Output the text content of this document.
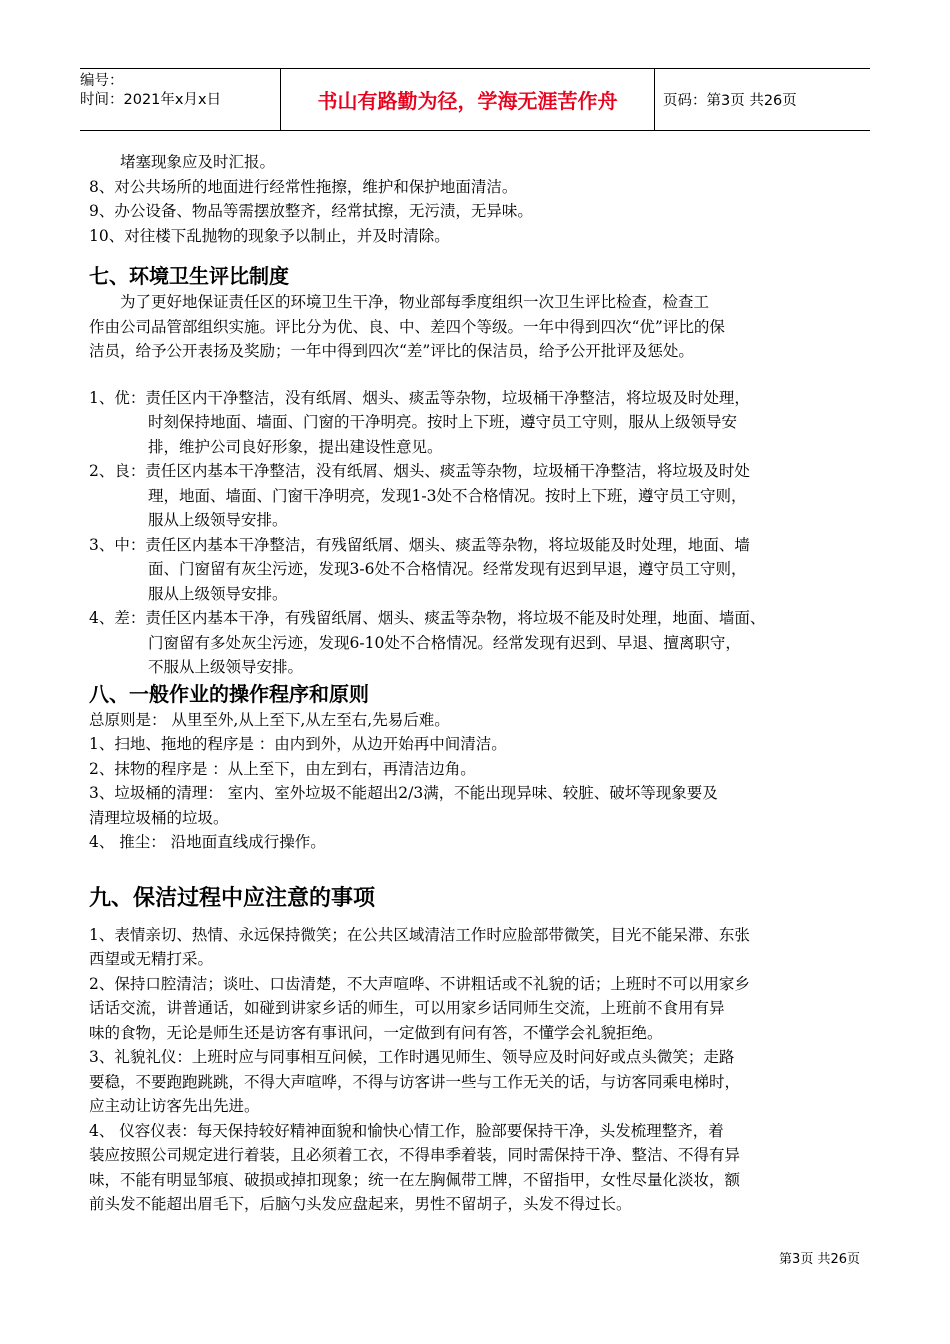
编号：
时间：2021年x月x日	书山有路勤为径，学海无涯苦作舟	页码：第3页 共26页

堵塞现象应及时汇报。

8、对公共场所的地面进行经常性拖擦，维护和保护地面清洁。

9、办公设备、物品等需摆放整齐，经常拭擦，无污渍，无异味。

10、对往楼下乱抛物的现象予以制止，并及时清除。

七、环境卫生评比制度

为了更好地保证责任区的环境卫生干净，物业部每季度组织一次卫生评比检查，检查工

作由公司品管部组织实施。评比分为优、良、中、差四个等级。一年中得到四次“优”评比的保

洁员，给予公开表扬及奖励；一年中得到四次“差”评比的保洁员，给予公开批评及惩处。

1、优：责任区内干净整洁，没有纸屑、烟头、痰盂等杂物，垃圾桶干净整洁，将垃圾及时处理，

时刻保持地面、墙面、门窗的干净明亮。按时上下班，遵守员工守则，服从上级领导安

排，维护公司良好形象，提出建设性意见。

2、良：责任区内基本干净整洁，没有纸屑、烟头、痰盂等杂物，垃圾桶干净整洁，将垃圾及时处

理，地面、墙面、门窗干净明亮，发现1-3处不合格情况。按时上下班，遵守员工守则，

服从上级领导安排。

3、中：责任区内基本干净整洁，有残留纸屑、烟头、痰盂等杂物，将垃圾能及时处理，地面、墙

面、门窗留有灰尘污迹，发现3-6处不合格情况。经常发现有迟到早退，遵守员工守则，

服从上级领导安排。

4、差：责任区内基本干净，有残留纸屑、烟头、痰盂等杂物，将垃圾不能及时处理，地面、墙面、

门窗留有多处灰尘污迹，发现6-10处不合格情况。经常发现有迟到、早退、擅离职守，

不服从上级领导安排。

八、一般作业的操作程序和原则

总原则是： 从里至外,从上至下,从左至右,先易后难。

1、扫地、拖地的程序是 ：由内到外，从边开始再中间清洁。

2、抹物的程序是 ：从上至下，由左到右，再清洁边角。

3、垃圾桶的清理： 室内、室外垃圾不能超出2/3满，不能出现异味、较脏、破坏等现象要及

清理垃圾桶的垃圾。

4、 推尘： 沿地面直线成行操作。

九、保洁过程中应注意的事项

1、表情亲切、热情、永远保持微笑；在公共区域清洁工作时应脸部带微笑，目光不能呆滞、东张

西望或无精打采。

2、保持口腔清洁；谈吐、口齿清楚，不大声喧哗、不讲粗话或不礼貌的话；上班时不可以用家乡

话话交流，讲普通话，如碰到讲家乡话的师生，可以用家乡话同师生交流，上班前不食用有异

味的食物，无论是师生还是访客有事讯问，一定做到有问有答，不懂学会礼貌拒绝。

3、礼貌礼仪：上班时应与同事相互问候，工作时遇见师生、领导应及时问好或点头微笑；走路

要稳，不要跑跑跳跳，不得大声喧哗，不得与访客讲一些与工作无关的话，与访客同乘电梯时，

应主动让访客先出先进。

4、 仪容仪表：每天保持较好精神面貌和愉快心情工作，脸部要保持干净，头发梳理整齐，着

装应按照公司规定进行着装，且必须着工衣，不得串季着装，同时需保持干净、整洁、不得有异

味，不能有明显邹痕、破损或掉扣现象；统一在左胸佩带工牌，不留指甲，女性尽量化淡妆，额

前头发不能超出眉毛下，后脑勺头发应盘起来，男性不留胡子，头发不得过长。

第3页 共26页
